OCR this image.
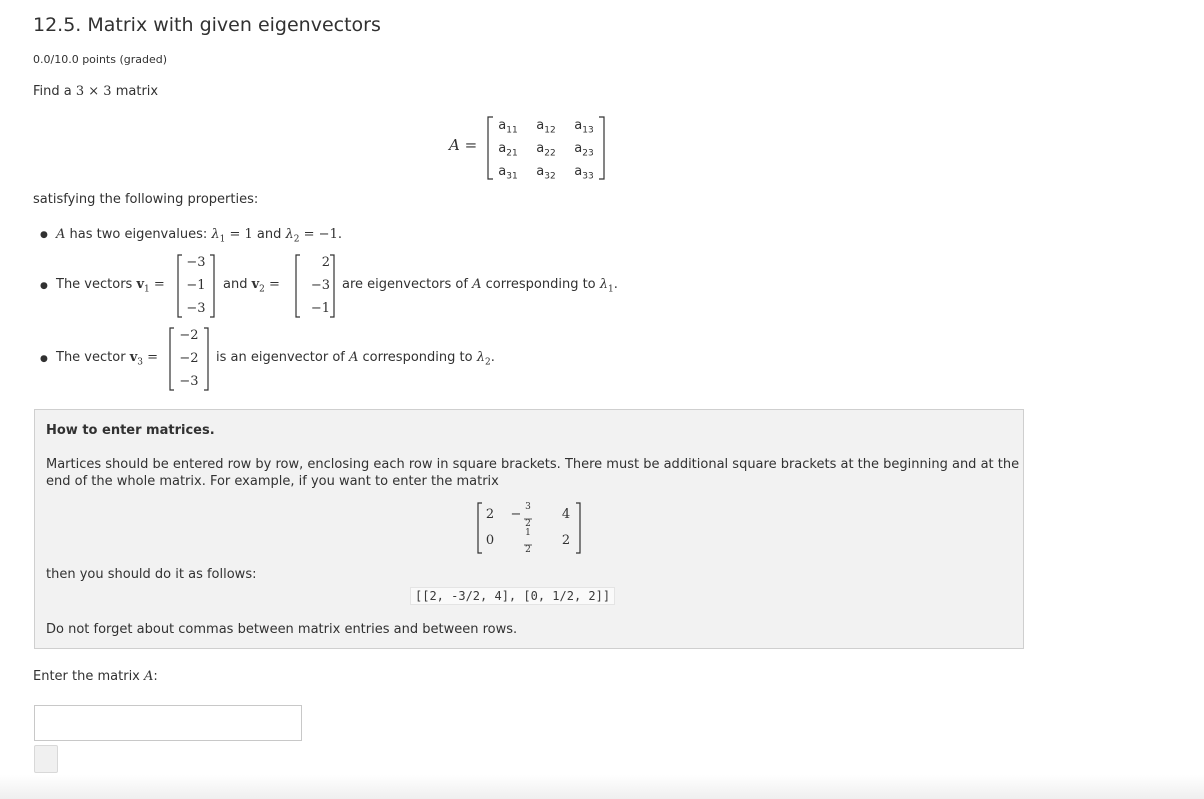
12.5. Matrix with given eigenvectors
0.0/10.0 points (graded)
Find a 3 × 3 matrix
A =
$a_{11}$ $a_{12}$ $a_{13}$
$a_{21}$ $a_{22}$ $a_{23}$
$a_{31}$ $a_{32}$ $a_{33}$
satisfying the following properties:
● A has two eigenvalues: $\lambda_1 = 1$ and $\lambda_2 = -1$.
● The vectors $v_1$ =
−3
−1
−3
and $v_2$ =
2
−3
−1
are eigenvectors of A corresponding to $\lambda_1$.
● The vector $v_3$ =
−2
−2
−3
is an eigenvector of A corresponding to $\lambda_2$.
How to enter matrices.
Martices should be entered row by row, enclosing each row in square brackets. There must be additional square brackets at the beginning and at the
end of the whole matrix. For example, if you want to enter the matrix
2 − 3
2
4
0	1
2
2
then you should do it as follows:
[[2, -3/2, 4], [0, 1/2, 2]]
Do not forget about commas between matrix entries and between rows.
Enter the matrix A:
